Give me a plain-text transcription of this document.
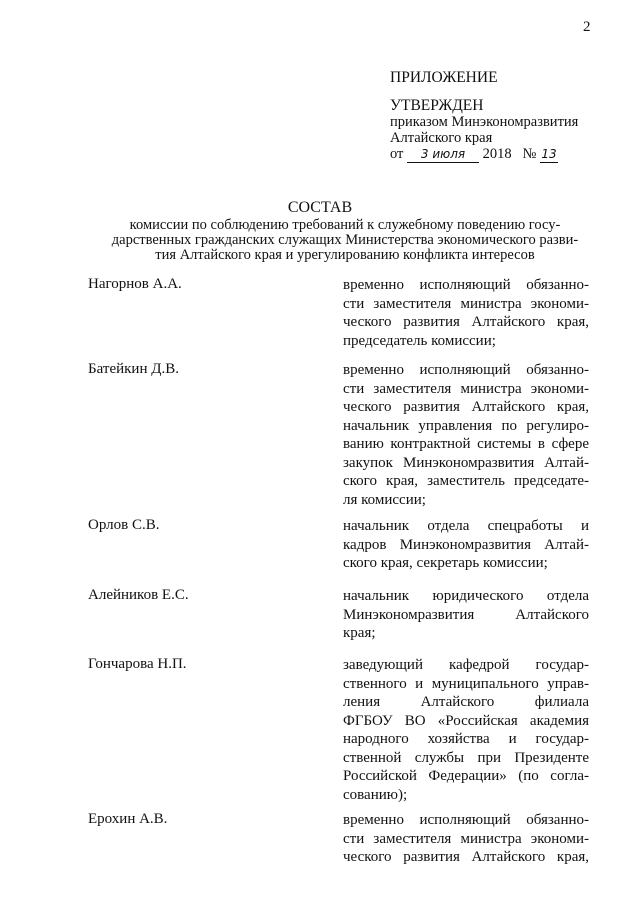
2
ПРИЛОЖЕНИЕ
УТВЕРЖДЕН
приказом Минэкономразвития
Алтайского края
от 3 июля 2018 № 13
СОСТАВ
комиссии по соблюдению требований к служебному поведению госу-
дарственных гражданских служащих Министерства экономического разви-
тия Алтайского края и урегулированию конфликта интересов
Нагорнов А.А.	временно исполняющий обязанно-
сти заместителя министра экономи-
ческого развития Алтайского края,
председатель комиссии;
Батейкин Д.В.	временно исполняющий обязанно-
сти заместителя министра экономи-
ческого развития Алтайского края,
начальник управления по регулиро-
ванию контрактной системы в сфере
закупок Минэкономразвития Алтай-
ского края, заместитель председате-
ля комиссии;
Орлов С.В.	начальник отдела спецработы и
кадров Минэкономразвития Алтай-
ского края, секретарь комиссии;
Алейников Е.С.	начальник юридического отдела
Минэкономразвития Алтайского
края;
Гончарова Н.П.	заведующий кафедрой государ-
ственного и муниципального управ-
ления Алтайского филиала
ФГБОУ ВО «Российская академия
народного хозяйства и государ-
ственной службы при Президенте
Российской Федерации» (по согла-
сованию);
Ерохин А.В.	временно исполняющий обязанно-
сти заместителя министра экономи-
ческого развития Алтайского края,
